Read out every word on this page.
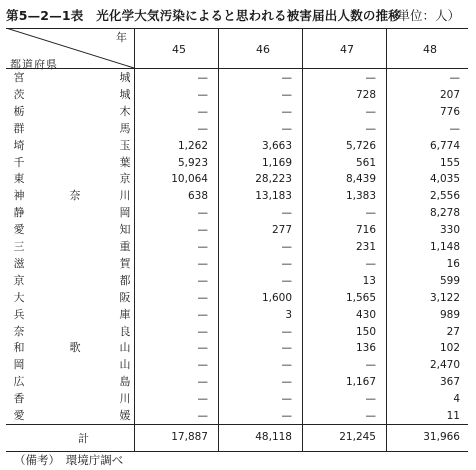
第5—2—1表　光化学大気汚染によると思われる被害届出人数の推移
（単位：人）
年
都道府県
45	46	47	48
宮	城	—	—	—	—
茨	城	—	—	728	207
栃	木	—	—	—	776
群	馬	—	—	—	—
埼	玉	1,262	3,663	5,726	6,774
千	葉	5,923	1,169	561	155
東	京	10,064	28,223	8,439	4,035
神	奈	川	638	13,183	1,383	2,556
静	岡	—	—	—	8,278
愛	知	—	277	716	330
三	重	—	—	231	1,148
滋	賀	—	—	—	16
京	都	—	—	13	599
大	阪	—	1,600	1,565	3,122
兵	庫	—	3	430	989
奈	良	—	—	150	27
和	歌	山	—	—	136	102
岡	山	—	—	—	2,470
広	島	—	—	1,167	367
香	川	—	—	—	4
愛	媛	—	—	—	11
計	17,887	48,118	21,245	31,966
（備考）　環境庁調べ
